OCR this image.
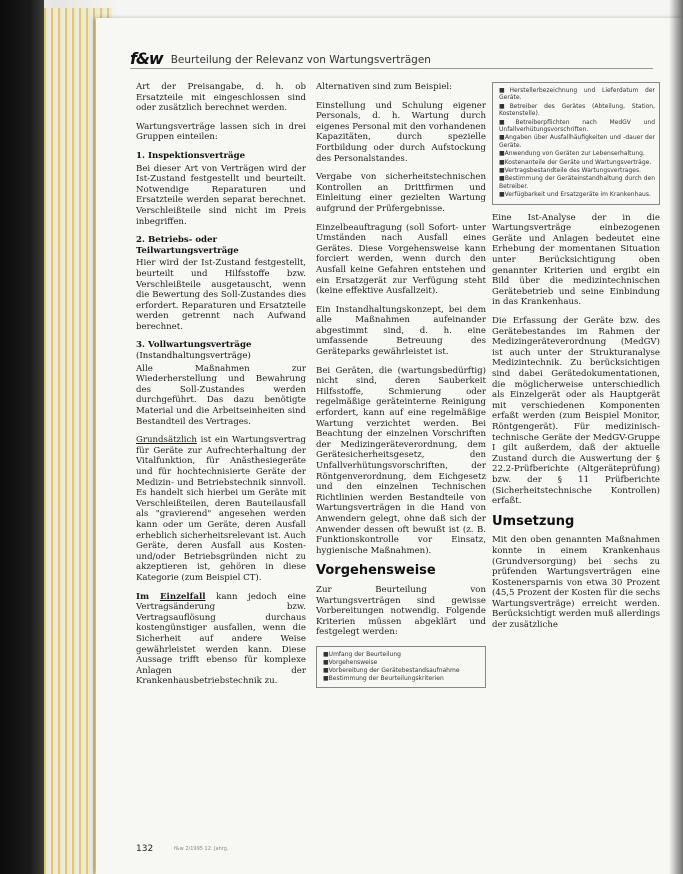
f&w Beurteilung der Relevanz von Wartungsverträgen

Art der Preisangabe, d. h. ob Ersatzteile mit eingeschlossen sind oder zusätzlich berechnet werden.

Wartungsverträge lassen sich in drei Gruppen einteilen:

1. Inspektionsverträge

Bei dieser Art von Verträgen wird der Ist-Zustand festgestellt und beurteilt. Notwendige Reparaturen und Ersatzteile werden separat berechnet. Verschleißteile sind nicht im Preis inbegriffen.

2. Betriebs- oder
Teilwartungsverträge

Hier wird der Ist-Zustand festgestellt, beurteilt und Hilfsstoffe bzw. Verschleißteile ausgetauscht, wenn die Bewertung des Soll-Zustandes dies erfordert. Reparaturen und Ersatzteile werden getrennt nach Aufwand berechnet.

3. Vollwartungsverträge
(Instandhaltungsverträge)

Alle Maßnahmen zur Wiederherstellung und Bewahrung des Soll-Zustandes werden durchgeführt. Das dazu benötigte Material und die Arbeitseinheiten sind Bestandteil des Vertrages.

Grundsätzlich ist ein Wartungsvertrag für Geräte zur Aufrechterhaltung der Vitalfunktion, für Anästhesiegeräte und für hochtechnisierte Geräte der Medizin- und Betriebstechnik sinnvoll. Es handelt sich hierbei um Geräte mit Verschleißteilen, deren Bauteilausfall als "gravierend" angesehen werden kann oder um Geräte, deren Ausfall erheblich sicherheitsrelevant ist. Auch Geräte, deren Ausfall aus Kosten- und/oder Betriebsgründen nicht zu akzeptieren ist, gehören in diese Kategorie (zum Beispiel CT).

Im Einzelfall kann jedoch eine Vertragsänderung bzw. Vertragsauflösung durchaus kostengünstiger ausfallen, wenn die Sicherheit auf andere Weise gewährleistet werden kann. Diese Aussage trifft ebenso für komplexe Anlagen der Krankenhausbetriebstechnik zu.

Alternativen sind zum Beispiel:

Einstellung und Schulung eigener Personals, d. h. Wartung durch eigenes Personal mit den vorhandenen Kapazitäten, durch spezielle Fortbildung oder durch Aufstockung des Personalstandes.

Vergabe von sicherheitstechnischen Kontrollen an Drittfirmen und Einleitung einer gezielten Wartung aufgrund der Prüfergebnisse.

Einzelbeauftragung (soll Sofort- unter Umständen nach Ausfall eines Gerätes. Diese Vorgehensweise kann forciert werden, wenn durch den Ausfall keine Gefahren entstehen und ein Ersatzgerät zur Verfügung steht (keine effektive Ausfallzeit).

Ein Instandhaltungskonzept, bei dem alle Maßnahmen aufeinander abgestimmt sind, d. h. eine umfassende Betreuung des Geräteparks gewährleistet ist.

Bei Geräten, die (wartungsbedürftig) nicht sind, deren Sauberkeit Hilfsstoffe, Schmierung oder regelmäßige geräteinterne Reinigung erfordert, kann auf eine regelmäßige Wartung verzichtet werden. Bei Beachtung der einzelnen Vorschriften der Medizingeräteverordnung, dem Gerätesicherheitsgesetz, den Unfallverhütungsvorschriften, der Röntgenverordnung, dem Eichgesetz und den einzelnen Technischen Richtlinien werden Bestandteile von Wartungsverträgen in die Hand von Anwendern gelegt, ohne daß sich der Anwender dessen oft bewußt ist (z. B. Funktionskontrolle vor Einsatz, hygienische Maßnahmen).

Vorgehensweise

Zur Beurteilung von Wartungsverträgen sind gewisse Vorbereitungen notwendig. Folgende Kriterien müssen abgeklärt und festgelegt werden:

■ Umfang der Beurteilung
■ Vorgehensweise
■ Vorbereitung der Gerätebestandsaufnahme
■ Bestimmung der Beurteilungskriterien
■ Herstellerbezeichnung und Lieferdatum der Geräte.
■ Betreiber des Gerätes (Abteilung, Station, Kostenstelle).
■ Betreiberpflichten nach MedGV und Unfallverhütungsvorschriften.
■ Angaben über Ausfallhäufigkeiten und -dauer der Geräte.
■ Anwendung von Geräten zur Lebenserhaltung.
■ Kostenanteile der Geräte und Wartungsverträge.
■ Vertragsbestandteile des Wartungsvertrages.
■ Bestimmung der Geräteinstandhaltung durch den Betreiber.
■ Verfügbarkeit und Ersatzgeräte im Krankenhaus.

Eine Ist-Analyse der in die Wartungsverträge einbezogenen Geräte und Anlagen bedeutet eine Erhebung der momentanen Situation unter Berücksichtigung oben genannter Kriterien und ergibt ein Bild über die medizintechnischen Gerätebetrieb und seine Einbindung in das Krankenhaus.

Die Erfassung der Geräte bzw. des Gerätebestandes im Rahmen der Medizingeräteverordnung (MedGV) ist auch unter der Strukturanalyse Medizintechnik. Zu berücksichtigen sind dabei Gerätedokumentationen, die möglicherweise unterschiedlich als Einzelgerät oder als Hauptgerät mit verschiedenen Komponenten erfaßt werden (zum Beispiel Monitor, Röntgengerät). Für medizinisch-technische Geräte der MedGV-Gruppe I gilt außerdem, daß der aktuelle Zustand durch die Auswertung der § 22.2-Prüfberichte (Altgeräteprüfung) bzw. der § 11 Prüfberichte (Sicherheitstechnische Kontrollen) erfaßt.

Umsetzung

Mit den oben genannten Maßnahmen konnte in einem Krankenhaus (Grundversorgung) bei sechs zu prüfenden Wartungsverträgen eine Kostenersparnis von etwa 30 Prozent (45,5 Prozent der Kosten für die sechs Wartungsverträge) erreicht werden. Berücksichtigt werden muß allerdings der zusätzliche

132	f&w 2/1995 12. Jahrg.
